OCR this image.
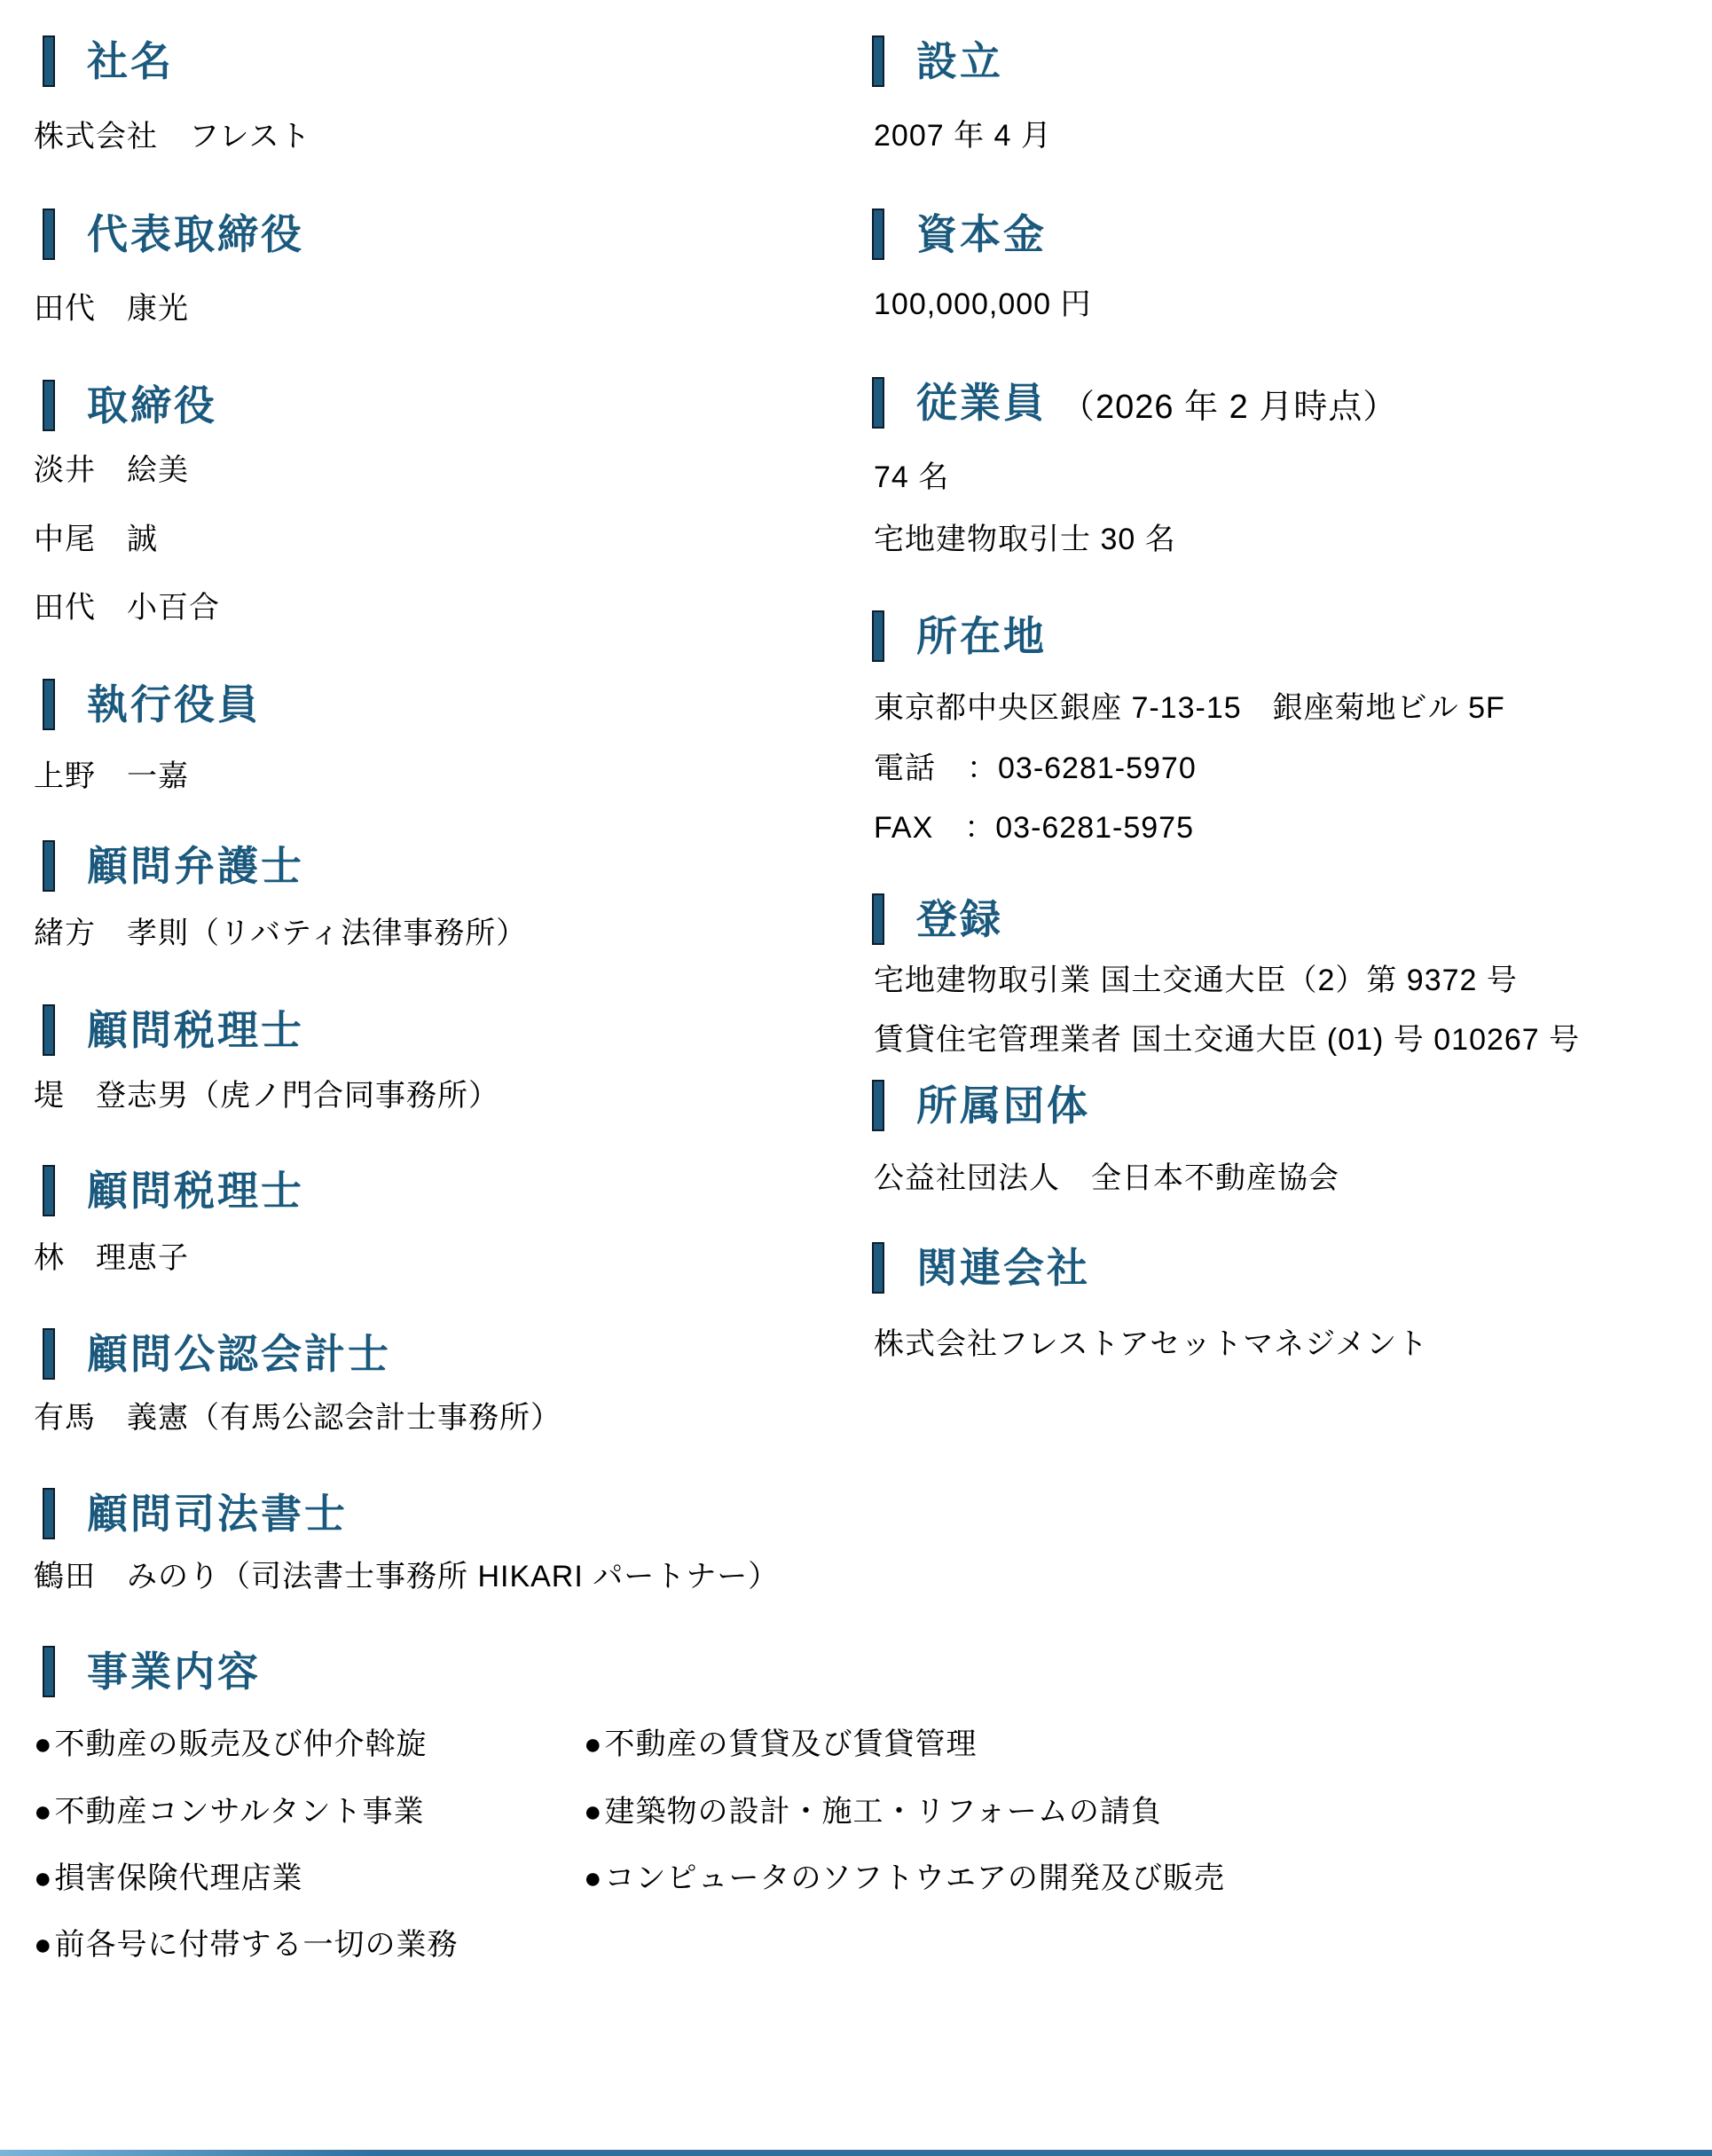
社名
株式会社　フレスト
代表取締役
田代　康光
取締役
淡井　絵美
中尾　誠
田代　小百合
執行役員
上野　一嘉
顧問弁護士
緒方　孝則（リバティ法律事務所）
顧問税理士
堤　登志男（虎ノ門合同事務所）
顧問税理士
林　理恵子
顧問公認会計士
有馬　義憲（有馬公認会計士事務所）
顧問司法書士
鶴田　みのり（司法書士事務所 HIKARI パートナー）
設立
2007 年 4 月
資本金
100,000,000 円
従業員 （2026 年 2 月時点）
74 名
宅地建物取引士 30 名
所在地
東京都中央区銀座 7-13-15　銀座菊地ビル 5F
電話　：03-6281-5970
FAX　：03-6281-5975
登録
宅地建物取引業 国土交通大臣（2）第 9372 号
賃貸住宅管理業者 国土交通大臣 (01) 号 010267 号
所属団体
公益社団法人　全日本不動産協会
関連会社
株式会社フレストアセットマネジメント
事業内容
●不動産の販売及び仲介斡旋
●不動産コンサルタント事業
●損害保険代理店業
●前各号に付帯する一切の業務
●不動産の賃貸及び賃貸管理
●建築物の設計・施工・リフォームの請負
●コンピュータのソフトウエアの開発及び販売
